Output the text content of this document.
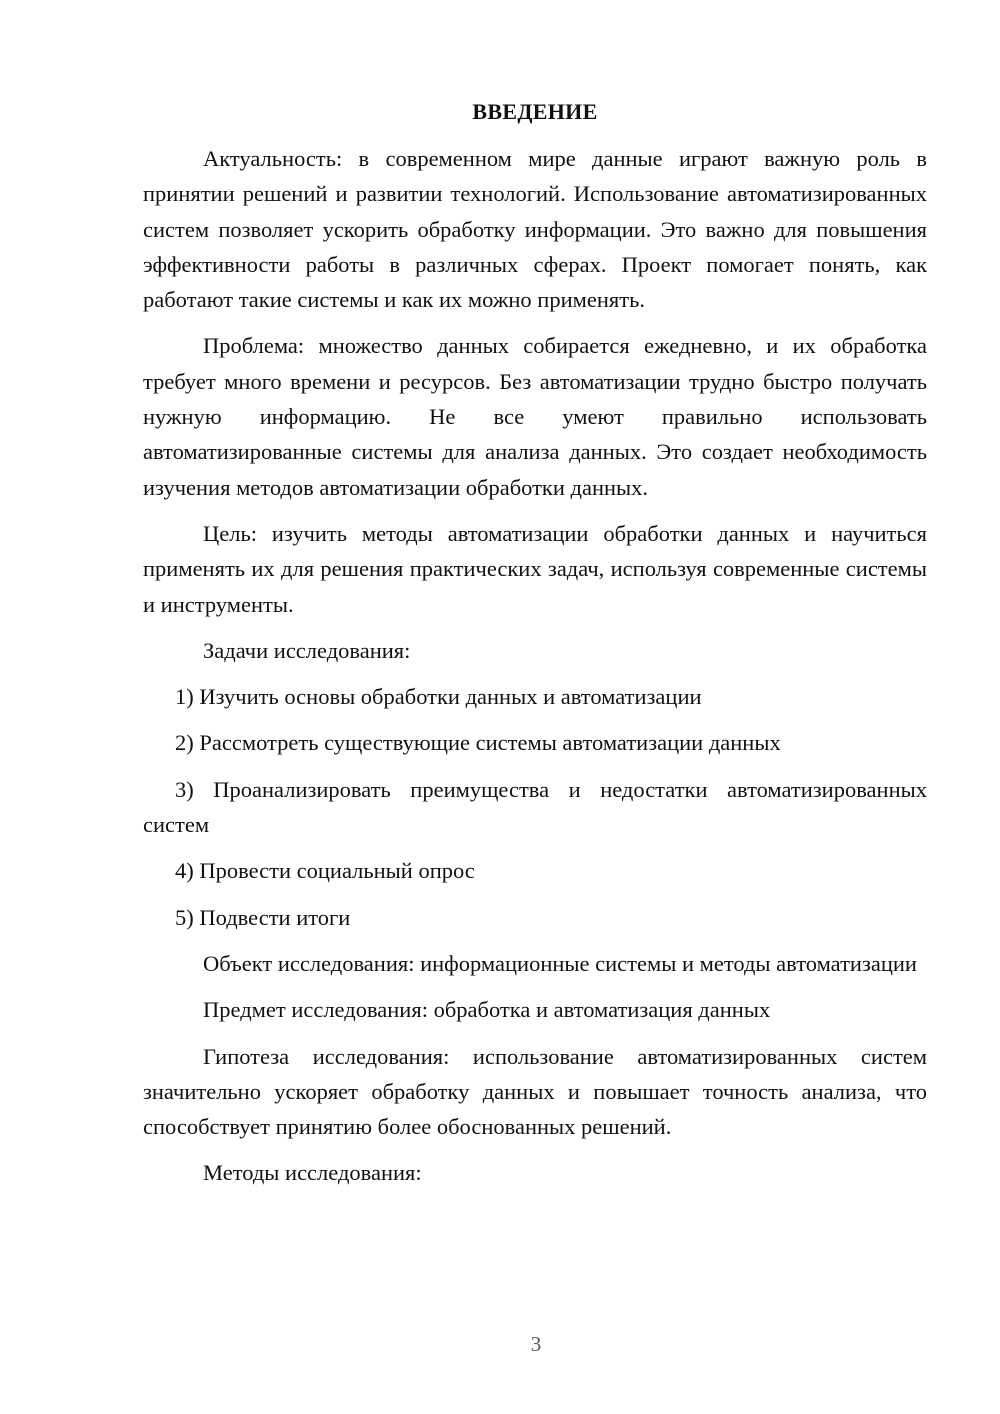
ВВЕДЕНИЕ

Актуальность: в современном мире данные играют важную роль в принятии решений и развитии технологий. Использование автоматизированных систем позволяет ускорить обработку информации. Это важно для повышения эффективности работы в различных сферах. Проект помогает понять, как работают такие системы и как их можно применять.

Проблема: множество данных собирается ежедневно, и их обработка требует много времени и ресурсов. Без автоматизации трудно быстро получать нужную информацию. Не все умеют правильно использовать автоматизированные системы для анализа данных. Это создает необходимость изучения методов автоматизации обработки данных.

Цель: изучить методы автоматизации обработки данных и научиться применять их для решения практических задач, используя современные системы и инструменты.

Задачи исследования:

1) Изучить основы обработки данных и автоматизации

2) Рассмотреть существующие системы автоматизации данных

3) Проанализировать преимущества и недостатки автоматизированных систем

4) Провести социальный опрос

5) Подвести итоги

Объект исследования: информационные системы и методы автоматизации

Предмет исследования: обработка и автоматизация данных

Гипотеза исследования: использование автоматизированных систем значительно ускоряет обработку данных и повышает точность анализа, что способствует принятию более обоснованных решений.

Методы исследования:

3
